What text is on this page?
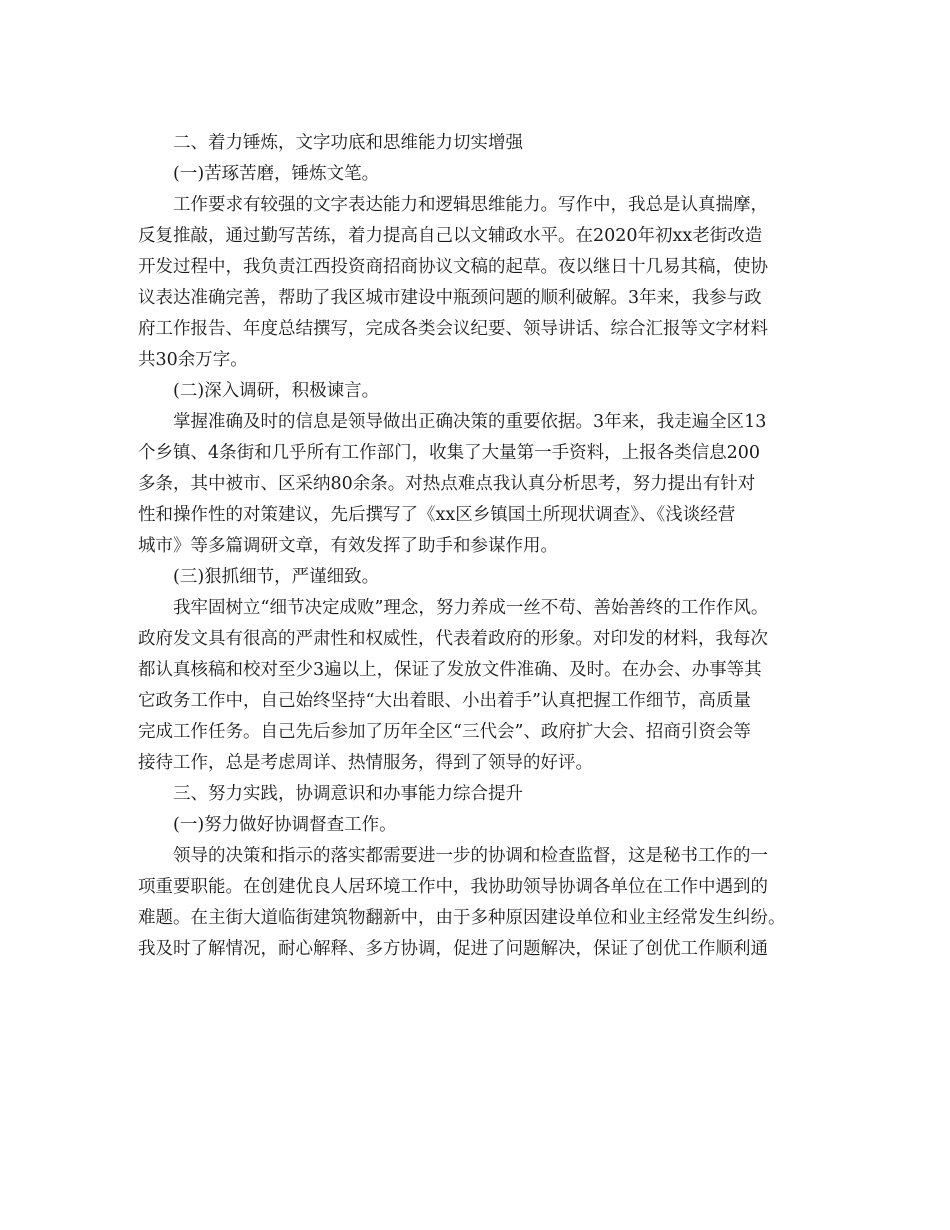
二、着力锤炼，文字功底和思维能力切实增强
(一)苦琢苦磨，锤炼文笔。
工作要求有较强的文字表达能力和逻辑思维能力。写作中，我总是认真揣摩，
反复推敲，通过勤写苦练，着力提高自己以文辅政水平。在2020年初xx老街改造
开发过程中，我负责江西投资商招商协议文稿的起草。夜以继日十几易其稿，使协
议表达准确完善，帮助了我区城市建设中瓶颈问题的顺利破解。3年来，我参与政
府工作报告、年度总结撰写，完成各类会议纪要、领导讲话、综合汇报等文字材料
共30余万字。
(二)深入调研，积极谏言。
掌握准确及时的信息是领导做出正确决策的重要依据。3年来，我走遍全区13
个乡镇、4条街和几乎所有工作部门，收集了大量第一手资料，上报各类信息200
多条，其中被市、区采纳80余条。对热点难点我认真分析思考，努力提出有针对
性和操作性的对策建议，先后撰写了《xx区乡镇国土所现状调查》、《浅谈经营
城市》等多篇调研文章，有效发挥了助手和参谋作用。
(三)狠抓细节，严谨细致。
我牢固树立“细节决定成败”理念，努力养成一丝不苟、善始善终的工作作风。
政府发文具有很高的严肃性和权威性，代表着政府的形象。对印发的材料，我每次
都认真核稿和校对至少3遍以上，保证了发放文件准确、及时。在办会、办事等其
它政务工作中，自己始终坚持“大出着眼、小出着手”认真把握工作细节，高质量
完成工作任务。自己先后参加了历年全区“三代会”、政府扩大会、招商引资会等
接待工作，总是考虑周详、热情服务，得到了领导的好评。
三、努力实践，协调意识和办事能力综合提升
(一)努力做好协调督查工作。
领导的决策和指示的落实都需要进一步的协调和检查监督，这是秘书工作的一
项重要职能。在创建优良人居环境工作中，我协助领导协调各单位在工作中遇到的
难题。在主街大道临街建筑物翻新中，由于多种原因建设单位和业主经常发生纠纷。
我及时了解情况，耐心解释、多方协调，促进了问题解决，保证了创优工作顺利通
